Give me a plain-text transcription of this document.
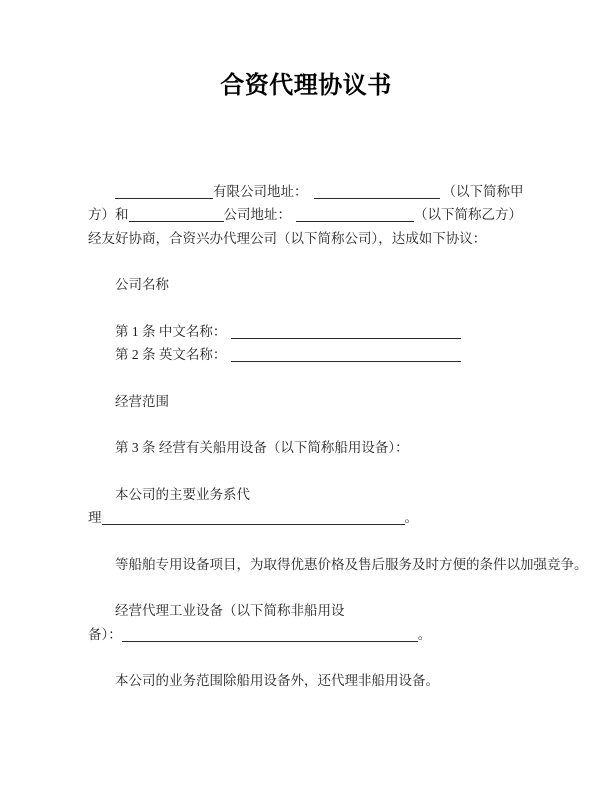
合资代理协议书

有限公司地址：	（以下简称甲
方）和	公司地址：	（以下简称乙方）
经友好协商，合资兴办代理公司（以下简称公司），达成如下协议：

公司名称

第 1 条 中文名称：

第 2 条 英文名称：

经营范围

第 3 条 经营有关船用设备（以下简称船用设备）：

本公司的主要业务系代
理	。

等船舶专用设备项目，为取得优惠价格及售后服务及时方便的条件以加强竞争。

经营代理工业设备（以下简称非船用设
备）：	。

本公司的业务范围除船用设备外，还代理非船用设备。
